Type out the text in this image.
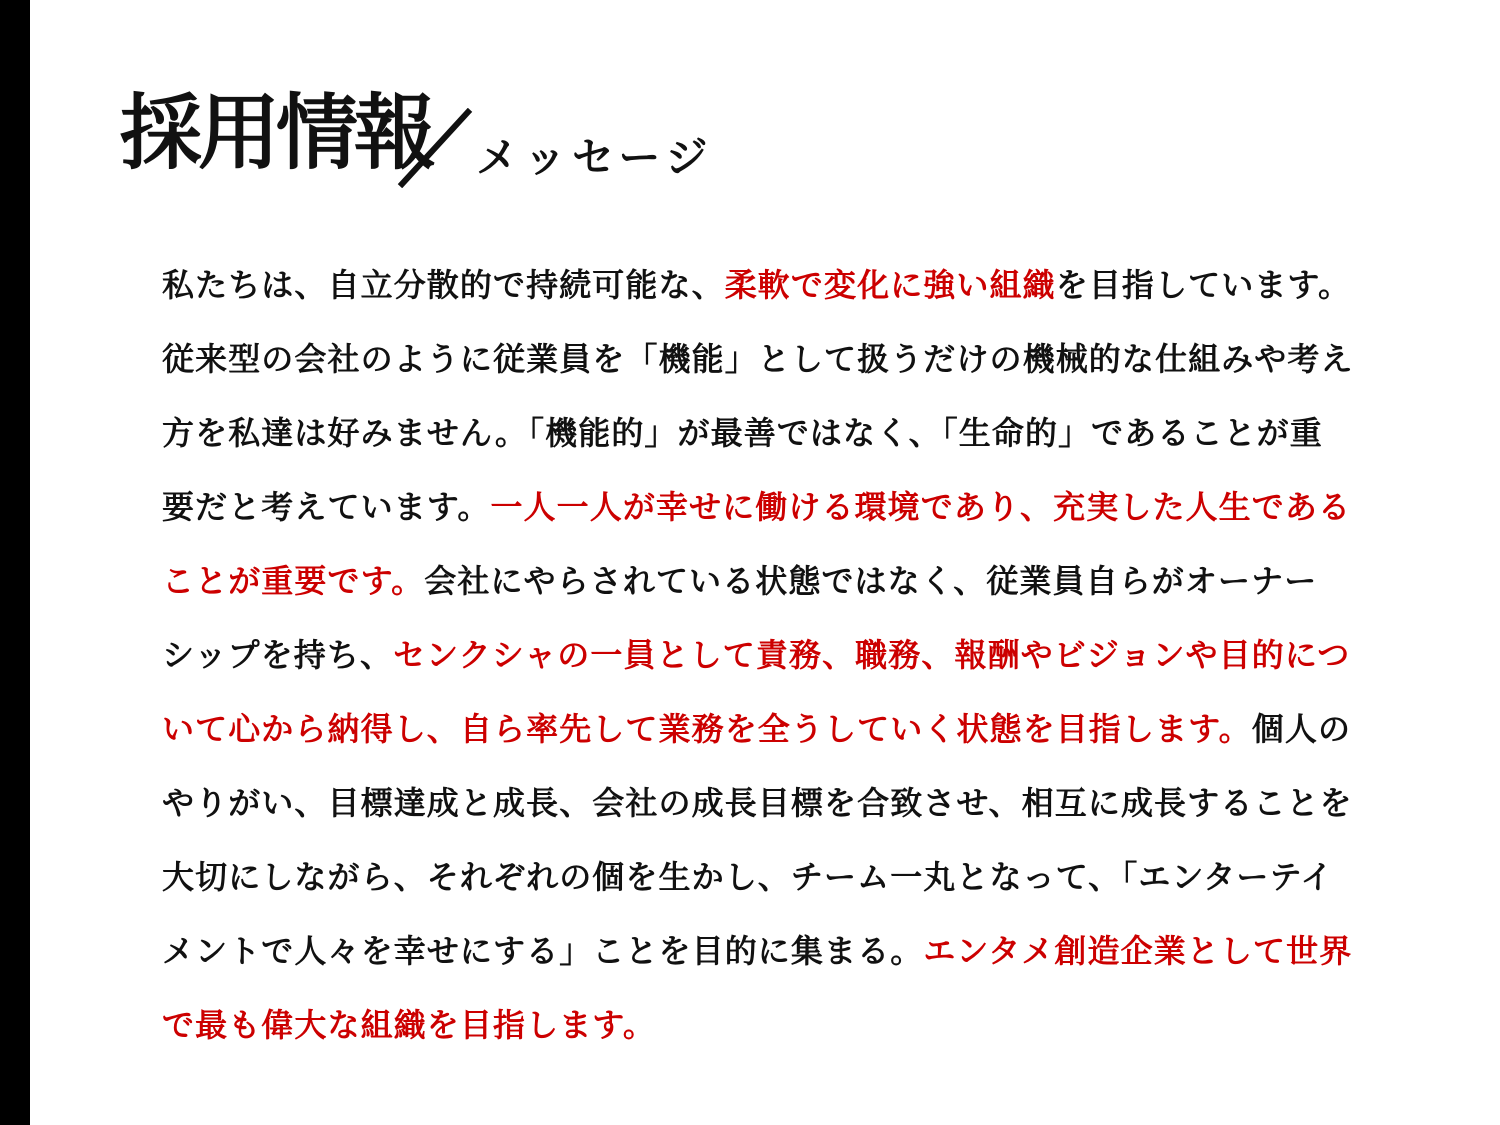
採用情報 メッセージ
私たちは、自立分散的で持続可能な、柔軟で変化に強い組織を目指しています。
従来型の会社のように従業員を「機能」として扱うだけの機械的な仕組みや考え
方を私達は好みません。「機能的」が最善ではなく、「生命的」であることが重
要だと考えています。一人一人が幸せに働ける環境であり、充実した人生である
ことが重要です。会社にやらされている状態ではなく、従業員自らがオーナー
シップを持ち、センクシャの一員として責務、職務、報酬やビジョンや目的につ
いて心から納得し、自ら率先して業務を全うしていく状態を目指します。個人の
やりがい、目標達成と成長、会社の成長目標を合致させ、相互に成長することを
大切にしながら、それぞれの個を生かし、チーム一丸となって、「エンターテイ
メントで人々を幸せにする」ことを目的に集まる。エンタメ創造企業として世界
で最も偉大な組織を目指します。
